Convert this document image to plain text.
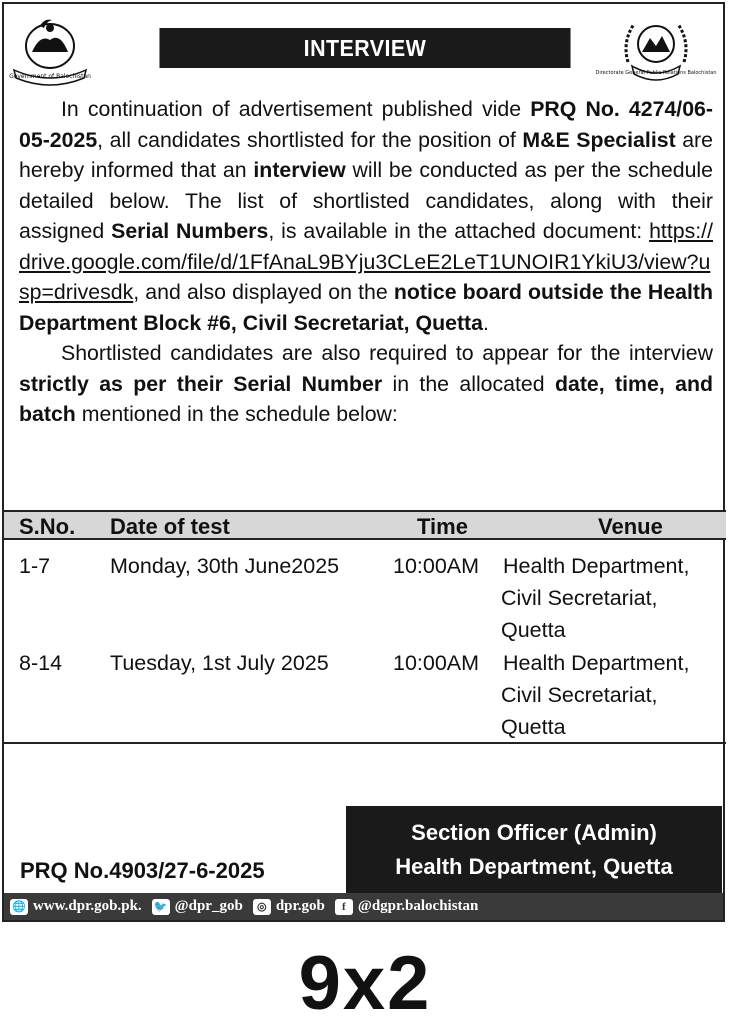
Government of Balochistan
INTERVIEW
Directorate General Public Relations Balochistan

In continuation of advertisement published vide PRQ No. 4274/06-05-2025, all candidates shortlisted for the position of M&E Specialist are hereby informed that an interview will be conducted as per the schedule detailed below. The list of shortlisted candidates, along with their assigned Serial Numbers, is available in the attached document: https://drive.google.com/file/d/1FfAnaL9BYju3CLeE2LeT1UNOIR1YkiU3/view?usp=drivesdk, and also displayed on the notice board outside the Health Department Block #6, Civil Secretariat, Quetta.

Shortlisted candidates are also required to appear for the interview strictly as per their Serial Number in the allocated date, time, and batch mentioned in the schedule below:

S.No. Date of test	Time	Venue
1-7	Monday, 30th June2025	10:00AM Health Department,
Civil Secretariat,
Quetta
8-14 Tuesday, 1st July 2025	10:00AM Health Department,
Civil Secretariat,
Quetta
Section Officer (Admin)
Health Department, Quetta
PRQ No.4903/27-6-2025
🌐 www.dpr.gob.pk. 🐦 @dpr_gob	◎ dpr.gob	f @dgpr.balochistan
9x2
